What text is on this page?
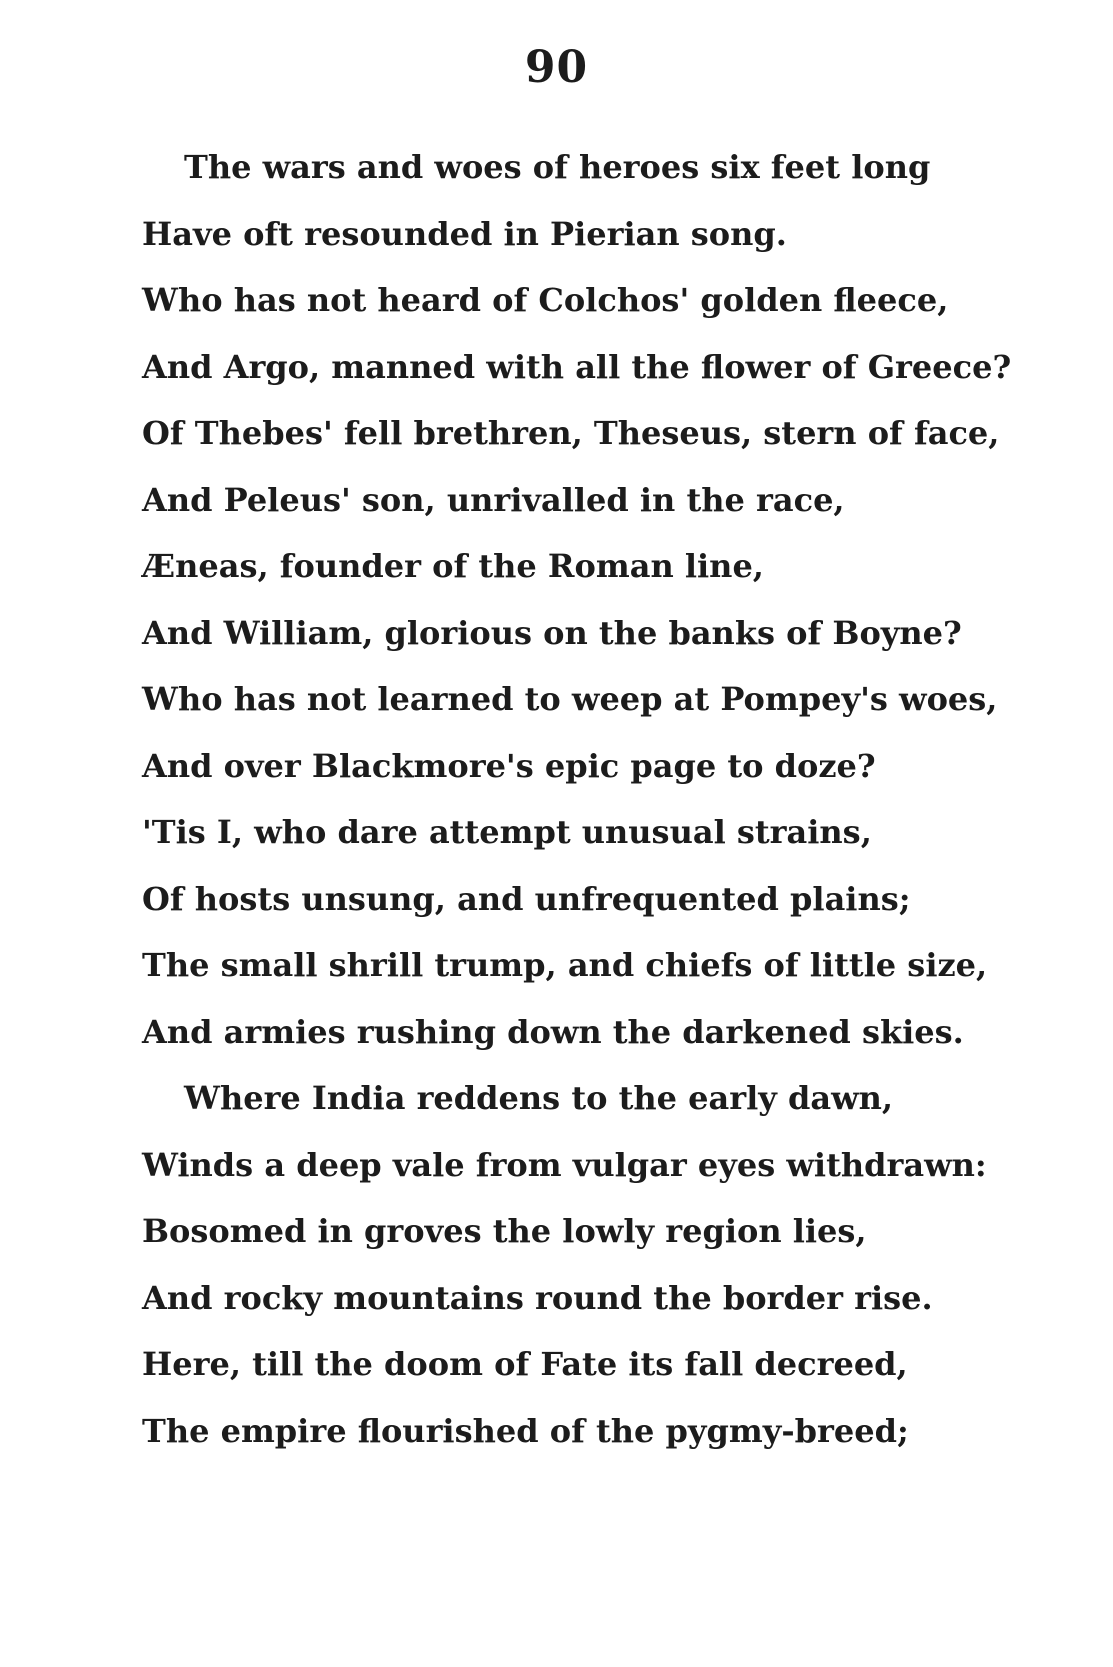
90
The wars and woes of heroes six feet long
Have oft resounded in Pierian song.
Who has not heard of Colchos' golden fleece,
And Argo, manned with all the flower of Greece?
Of Thebes' fell brethren, Theseus, stern of face,
And Peleus' son, unrivalled in the race,
Æneas, founder of the Roman line,
And William, glorious on the banks of Boyne?
Who has not learned to weep at Pompey's woes,
And over Blackmore's epic page to doze?
'Tis I, who dare attempt unusual strains,
Of hosts unsung, and unfrequented plains;
The small shrill trump, and chiefs of little size,
And armies rushing down the darkened skies.
Where India reddens to the early dawn,
Winds a deep vale from vulgar eyes withdrawn:
Bosomed in groves the lowly region lies,
And rocky mountains round the border rise.
Here, till the doom of Fate its fall decreed,
The empire flourished of the pygmy-breed;
